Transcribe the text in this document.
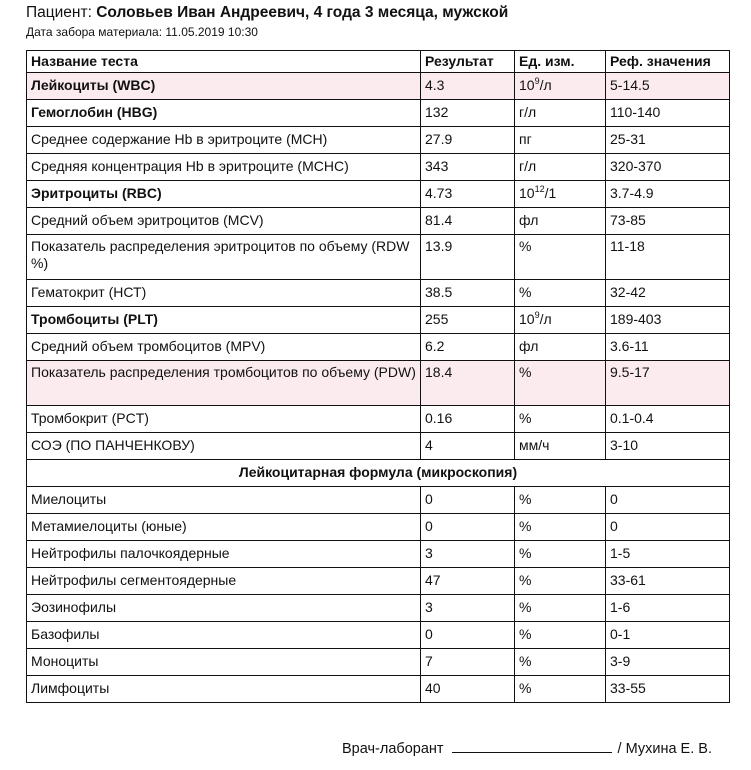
Пациент: Соловьев Иван Андреевич, 4 года 3 месяца, мужской
Дата забора материала: 11.05.2019 10:30
Название теста	Результат	Ед. изм.	Реф. значения
Лейкоциты (WBC)	4.3	$10^9/л$	5-14.5
Гемоглобин (HBG)	132	г/л	110-140
Среднее содержание Hb в эритроците (MCH)	27.9	пг	25-31
Средняя концентрация Hb в эритроците (MCHC)	343	г/л	320-370
Эритроциты (RBC)	4.73	$10^{12}/1$	3.7-4.9
Средний объем эритроцитов (MCV)	81.4	фл	73-85
Показатель распределения эритроцитов по объему (RDW %)	13.9	%	11-18
Гематокрит (НСТ)	38.5	%	32-42
Тромбоциты (PLT)	255	$10^9/л$	189-403
Средний объем тромбоцитов (MPV)	6.2	фл	3.6-11
Показатель распределения тромбоцитов по объему (PDW)	18.4	%	9.5-17
Тромбокрит (PCT)	0.16	%	0.1-0.4
СОЭ (ПО ПАНЧЕНКОВУ)	4	мм/ч	3-10
Лейкоцитарная формула (микроскопия)			
Миелоциты	0	%	0
Метамиелоциты (юные)	0	%	0
Нейтрофилы палочкоядерные	3	%	1-5
Нейтрофилы сегментоядерные	47	%	33-61
Эозинофилы	3	%	1-6
Базофилы	0	%	0-1
Моноциты	7	%	3-9
Лимфоциты	40	%	33-55
Врач-лаборант	/ Мухина Е. В.
